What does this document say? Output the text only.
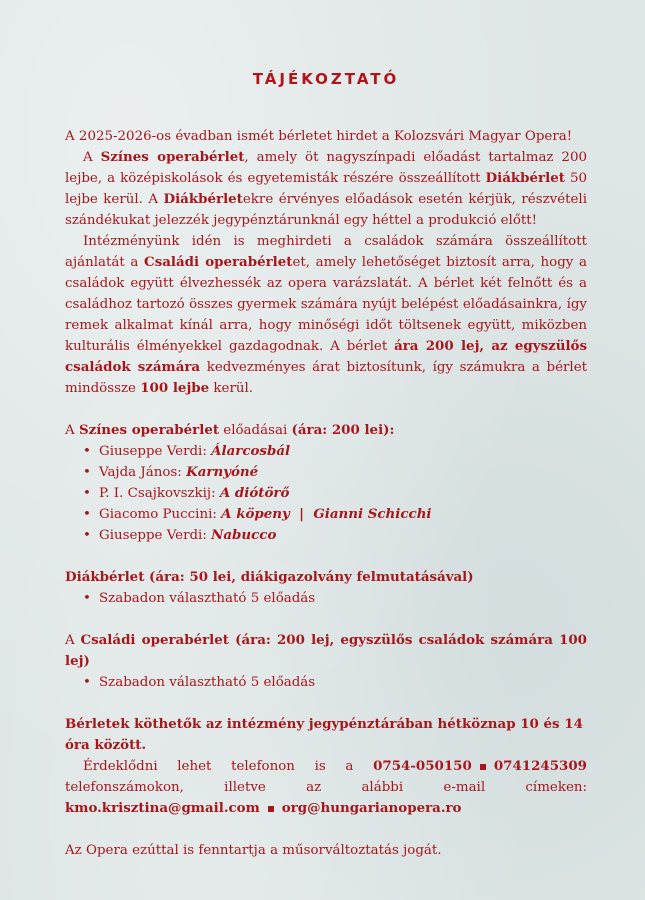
TÁJÉKOZTATÓ

A 2025-2026-os évadban ismét bérletet hirdet a Kolozsvári Magyar Opera!

A Színes operabérlet, amely öt nagyszínpadi előadást tartalmaz 200 lejbe, a középiskolások és egyetemisták részére összeállított Diákbérlet 50 lejbe kerül. A Diákbérletekre érvényes előadások esetén kérjük, részvételi szándékukat jelezzék jegypénztárunknál egy héttel a produkció előtt!

Intézményünk idén is meghirdeti a családok számára összeállított ajánlatát a Családi operabérletet, amely lehetőséget biztosít arra, hogy a családok együtt élvezhessék az opera varázslatát. A bérlet két felnőtt és a családhoz tartozó összes gyermek számára nyújt belépést előadásainkra, így remek alkalmat kínál arra, hogy minőségi időt töltsenek együtt, miközben kulturális élményekkel gazdagodnak. A bérlet ára 200 lej, az egyszülős családok számára kedvezményes árat biztosítunk, így számukra a bérlet mindössze 100 lejbe kerül.

A Színes operabérlet előadásai (ára: 200 lei):

• Giuseppe Verdi: Álarcosbál
• Vajda János: Karnyóné
• P. I. Csajkovszkij: A diótörő
• Giacomo Puccini: A köpeny  |  Gianni Schicchi
• Giuseppe Verdi: Nabucco

Diákbérlet (ára: 50 lei, diákigazolvány felmutatásával)

• Szabadon választható 5 előadás

A Családi operabérlet (ára: 200 lej, egyszülős családok számára 100 lej)

• Szabadon választható 5 előadás

Bérletek köthetők az intézmény jegypénztárában hétköznap 10 és 14 óra között.

Érdeklődni lehet telefonon is a 0754-050150 0741245309 telefonszámokon, illetve az alábbi e-mail címeken: kmo.krisztina@gmail.com org@hungarianopera.ro

Az Opera ezúttal is fenntartja a műsorváltoztatás jogát.
